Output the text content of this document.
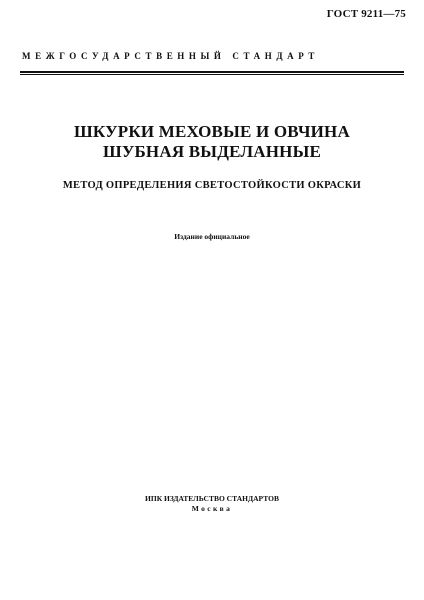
ГОСТ 9211—75
МЕЖГОСУДАРСТВЕННЫЙ СТАНДАРТ
ШКУРКИ МЕХОВЫЕ И ОВЧИНА
ШУБНАЯ ВЫДЕЛАННЫЕ
МЕТОД ОПРЕДЕЛЕНИЯ СВЕТОСТОЙКОСТИ ОКРАСКИ
Издание официальное
ИПК ИЗДАТЕЛЬСТВО СТАНДАРТОВ
Москва
